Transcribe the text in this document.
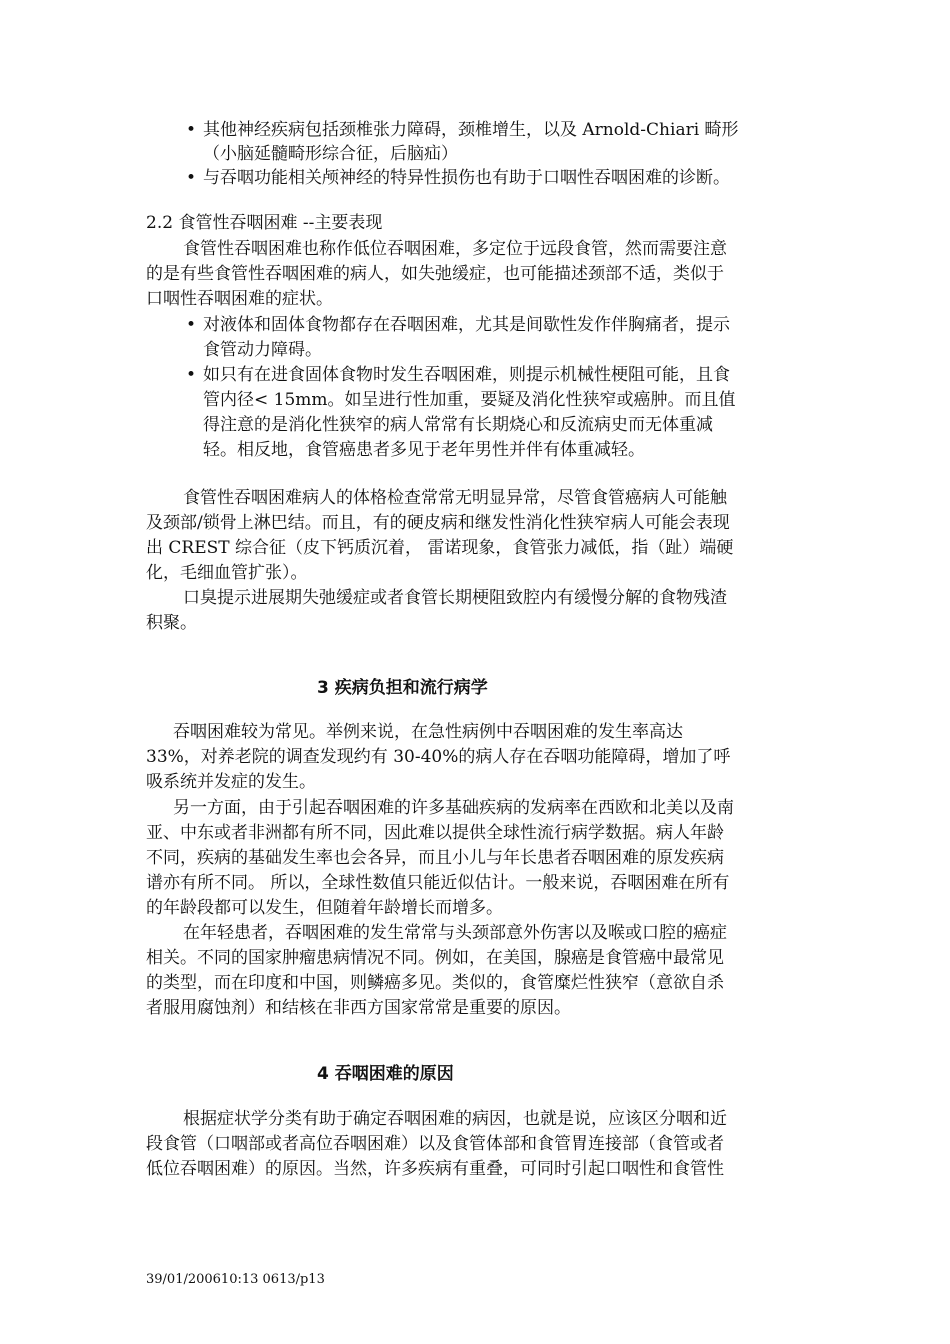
• 其他神经疾病包括颈椎张力障碍，颈椎增生，以及 Arnold-Chiari 畸形
（小脑延髓畸形综合征，后脑疝）
• 与吞咽功能相关颅神经的特异性损伤也有助于口咽性吞咽困难的诊断。
2.2 食管性吞咽困难 --主要表现
食管性吞咽困难也称作低位吞咽困难，多定位于远段食管，然而需要注意
的是有些食管性吞咽困难的病人，如失弛缓症，也可能描述颈部不适，类似于
口咽性吞咽困难的症状。
• 对液体和固体食物都存在吞咽困难，尤其是间歇性发作伴胸痛者，提示
食管动力障碍。
• 如只有在进食固体食物时发生吞咽困难，则提示机械性梗阻可能，且食
管内径< 15mm。如呈进行性加重，要疑及消化性狭窄或癌肿。而且值
得注意的是消化性狭窄的病人常常有长期烧心和反流病史而无体重减
轻。相反地，食管癌患者多见于老年男性并伴有体重减轻。
食管性吞咽困难病人的体格检查常常无明显异常，尽管食管癌病人可能触
及颈部/锁骨上淋巴结。而且，有的硬皮病和继发性消化性狭窄病人可能会表现
出 CREST 综合征（皮下钙质沉着， 雷诺现象，食管张力减低，指（趾）端硬
化，毛细血管扩张）。
口臭提示进展期失弛缓症或者食管长期梗阻致腔内有缓慢分解的食物残渣
积聚。
3 疾病负担和流行病学
吞咽困难较为常见。举例来说，在急性病例中吞咽困难的发生率高达
33%，对养老院的调查发现约有 30-40%的病人存在吞咽功能障碍，增加了呼
吸系统并发症的发生。
另一方面，由于引起吞咽困难的许多基础疾病的发病率在西欧和北美以及南
亚、中东或者非洲都有所不同，因此难以提供全球性流行病学数据。病人年龄
不同，疾病的基础发生率也会各异，而且小儿与年长患者吞咽困难的原发疾病
谱亦有所不同。 所以，全球性数值只能近似估计。一般来说，吞咽困难在所有
的年龄段都可以发生，但随着年龄增长而增多。
在年轻患者，吞咽困难的发生常常与头颈部意外伤害以及喉或口腔的癌症
相关。不同的国家肿瘤患病情况不同。例如，在美国，腺癌是食管癌中最常见
的类型，而在印度和中国，则鳞癌多见。类似的，食管糜烂性狭窄（意欲自杀
者服用腐蚀剂）和结核在非西方国家常常是重要的原因。
4 吞咽困难的原因
根据症状学分类有助于确定吞咽困难的病因，也就是说，应该区分咽和近
段食管（口咽部或者高位吞咽困难）以及食管体部和食管胃连接部（食管或者
低位吞咽困难）的原因。当然，许多疾病有重叠，可同时引起口咽性和食管性
39/01/200610:13 0613/p13
